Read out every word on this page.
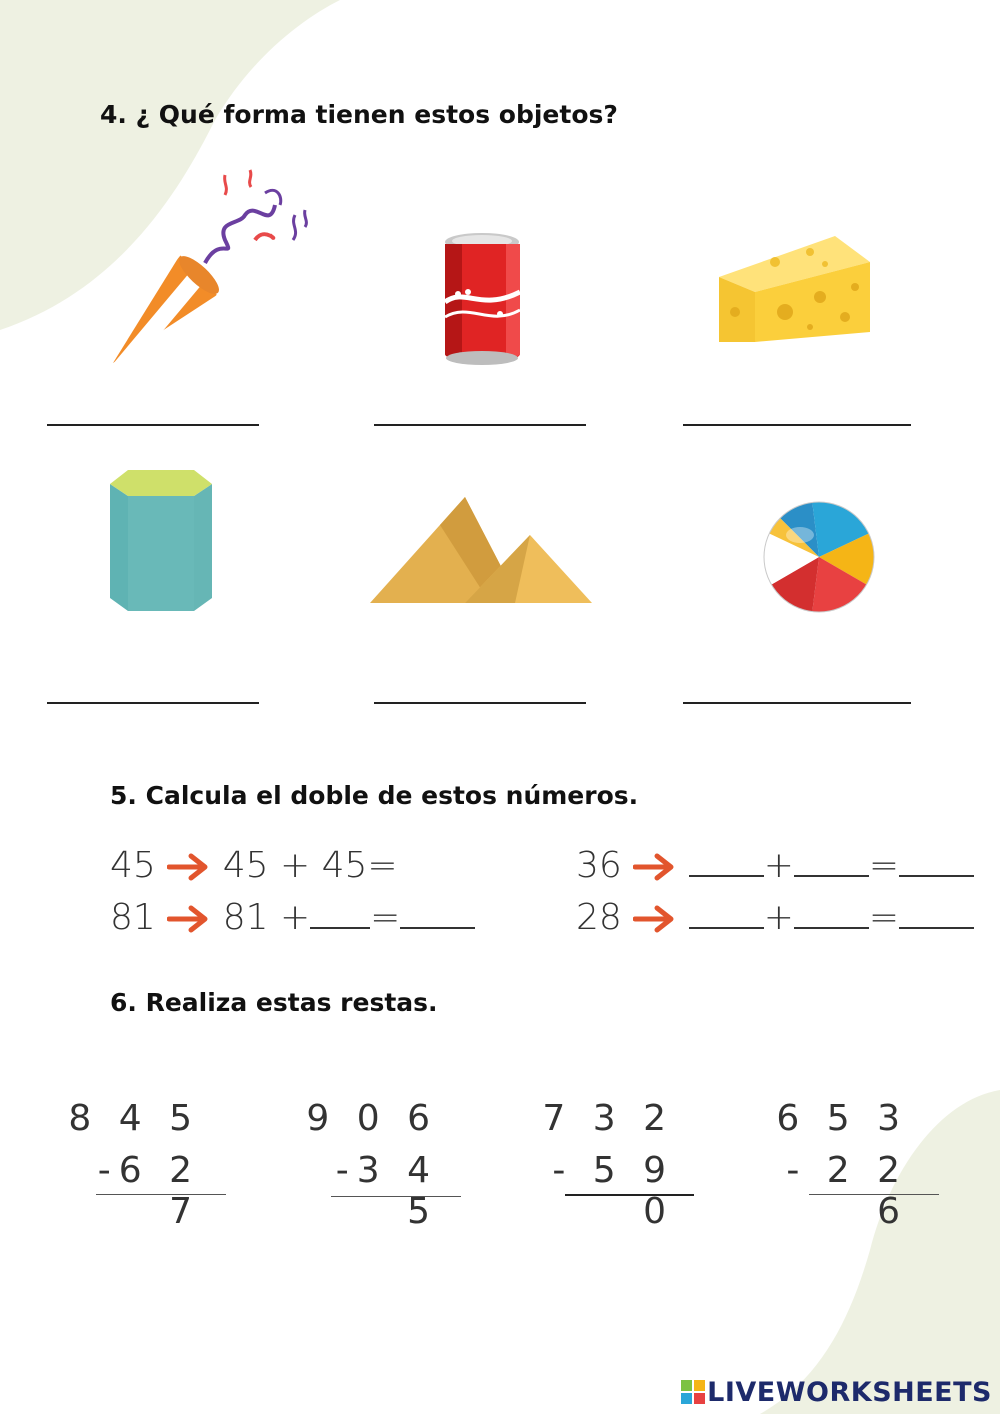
4. ¿ Qué forma tienen estos objetos?
5. Calcula el doble de estos números.
45 45 + 45=
81 81 + =
36	+ =
28	+ =
6. Realiza estas restas.
8 4 5
-6 2 7
9 0 6
-3 4 5
7 3 2
- 5 9 0
6 5 3
- 2 2 6
LIVEWORKSHEETS
